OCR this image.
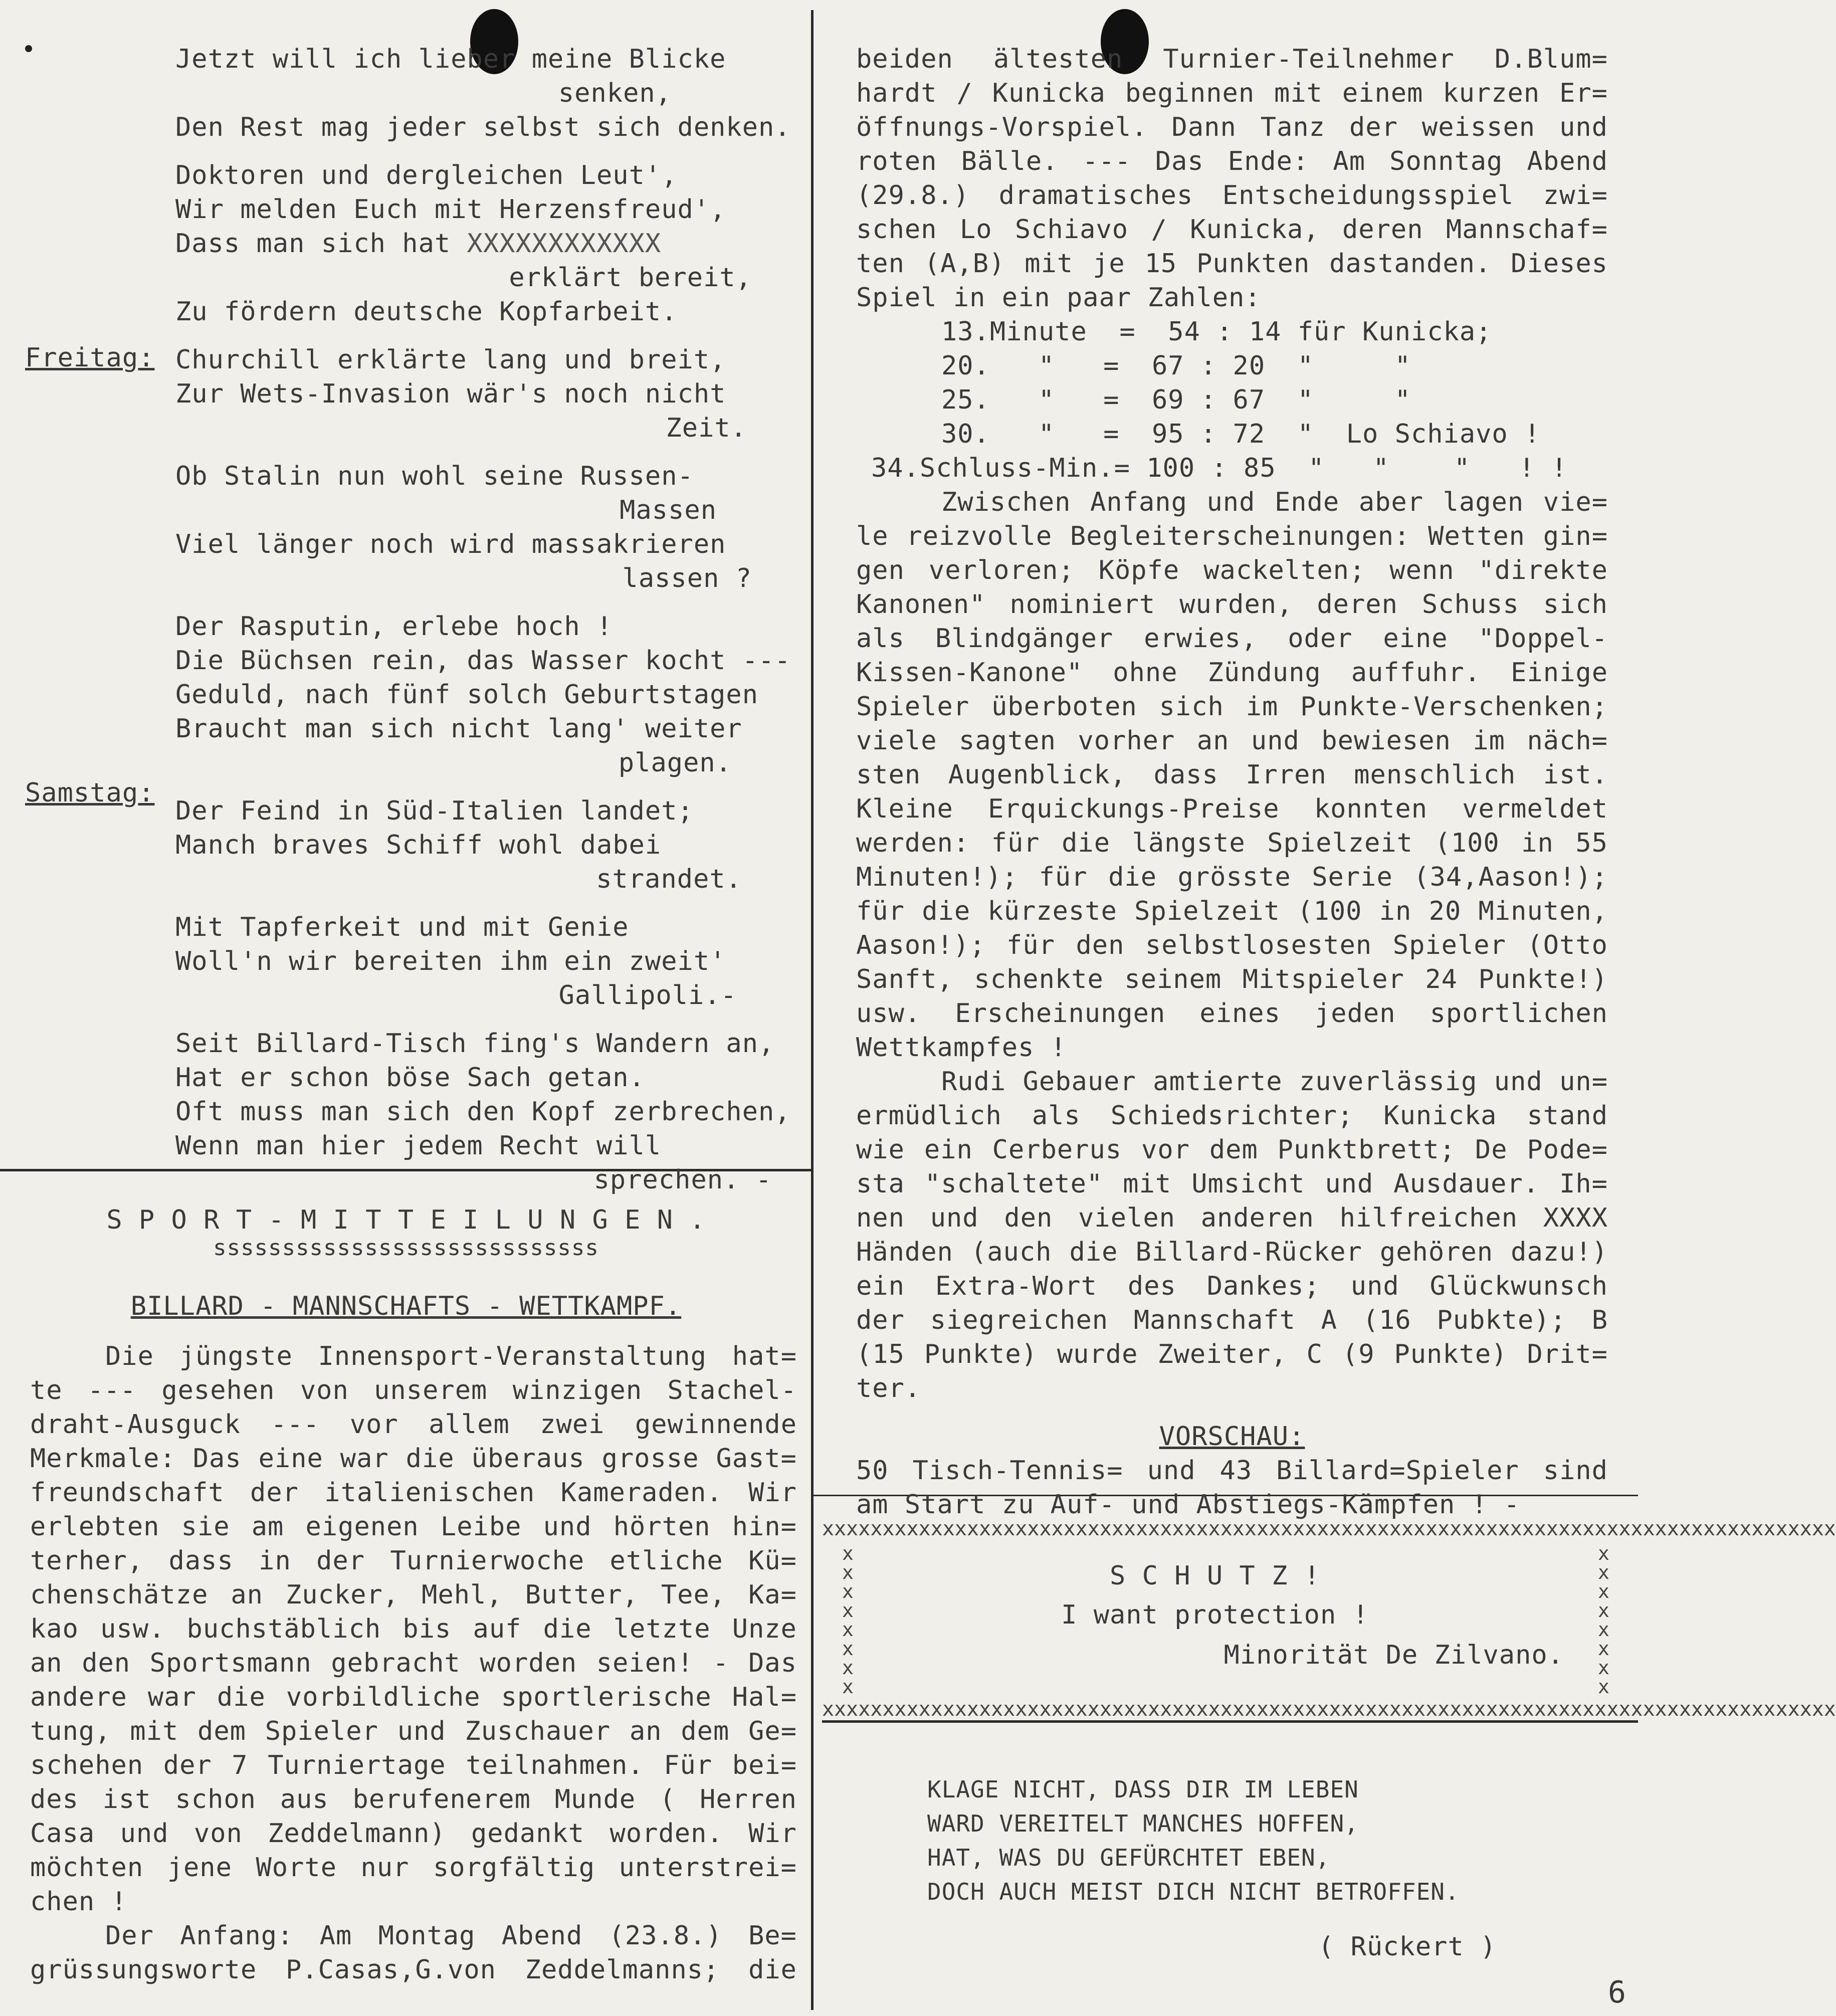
Jetzt will ich lieber meine Blicke
senken,
Den Rest mag jeder selbst sich denken.
Doktoren und dergleichen Leut',
Wir melden Euch mit Herzensfreud',
Dass man sich hat XXXXXXXXXXXX
erklärt bereit,
Zu fördern deutsche Kopfarbeit.
Churchill erklärte lang und breit,
Zur Wets-Invasion wär's noch nicht
Zeit.
Ob Stalin nun wohl seine Russen-
Massen
Viel länger noch wird massakrieren
lassen ?
Der Rasputin, erlebe hoch !
Die Büchsen rein, das Wasser kocht ---
Geduld, nach fünf solch Geburtstagen
Braucht man sich nicht lang' weiter
plagen.
Der Feind in Süd-Italien landet;
Manch braves Schiff wohl dabei
strandet.
Mit Tapferkeit und mit Genie
Woll'n wir bereiten ihm ein zweit'
Gallipoli.-
Seit Billard-Tisch fing's Wandern an,
Hat er schon böse Sach getan.
Oft muss man sich den Kopf zerbrechen,
Wenn man hier jedem Recht will
sprechen. -
Freitag:
Samstag:
S P O R T - M I T T E I L U N G E N .
ssssssssssssssssssssssssssss
BILLARD - MANNSCHAFTS - WETTKAMPF.
Die jüngste Innensport-Veranstaltung hat=
te --- gesehen von unserem winzigen Stachel-
draht-Ausguck --- vor allem zwei gewinnende
Merkmale: Das eine war die überaus grosse Gast=
freundschaft der italienischen Kameraden. Wir
erlebten sie am eigenen Leibe und hörten hin=
terher, dass in der Turnierwoche etliche Kü=
chenschätze an Zucker, Mehl, Butter, Tee, Ka=
kao usw. buchstäblich bis auf die letzte Unze
an den Sportsmann gebracht worden seien! - Das
andere war die vorbildliche sportlerische Hal=
tung, mit dem Spieler und Zuschauer an dem Ge=
schehen der 7 Turniertage teilnahmen. Für bei=
des ist schon aus berufenerem Munde ( Herren
Casa und von Zeddelmann) gedankt worden. Wir
möchten jene Worte nur sorgfältig unterstrei=
chen !
Der Anfang: Am Montag Abend (23.8.) Be=
grüssungsworte P.Casas,G.von Zeddelmanns; die
beiden ältesten Turnier-Teilnehmer D.Blum=
hardt / Kunicka beginnen mit einem kurzen Er=
öffnungs-Vorspiel. Dann Tanz der weissen und
roten Bälle. --- Das Ende: Am Sonntag Abend
(29.8.) dramatisches Entscheidungsspiel zwi=
schen Lo Schiavo / Kunicka, deren Mannschaf=
ten (A,B) mit je 15 Punkten dastanden. Dieses
Spiel in ein paar Zahlen:
13.Minute  =  54 : 14 für Kunicka;
20.   "   =  67 : 20  "     "
25.   "   =  69 : 67  "     "
30.   "   =  95 : 72  "  Lo Schiavo !
34.Schluss-Min.= 100 : 85  "   "    "   ! !
Zwischen Anfang und Ende aber lagen vie=
le reizvolle Begleiterscheinungen: Wetten gin=
gen verloren; Köpfe wackelten; wenn "direkte
Kanonen" nominiert wurden, deren Schuss sich
als Blindgänger erwies, oder eine "Doppel-
Kissen-Kanone" ohne Zündung auffuhr. Einige
Spieler überboten sich im Punkte-Verschenken;
viele sagten vorher an und bewiesen im näch=
sten Augenblick, dass Irren menschlich ist.
Kleine Erquickungs-Preise konnten vermeldet
werden: für die längste Spielzeit (100 in 55
Minuten!); für die grösste Serie (34,Aason!);
für die kürzeste Spielzeit (100 in 20 Minuten,
Aason!); für den selbstlosesten Spieler (Otto
Sanft, schenkte seinem Mitspieler 24 Punkte!)
usw. Erscheinungen eines jeden sportlichen
Wettkampfes !
Rudi Gebauer amtierte zuverlässig und un=
ermüdlich als Schiedsrichter; Kunicka stand
wie ein Cerberus vor dem Punktbrett; De Pode=
sta "schaltete" mit Umsicht und Ausdauer. Ih=
nen und den vielen anderen hilfreichen XXXX
Händen (auch die Billard-Rücker gehören dazu!)
ein Extra-Wort des Dankes; und Glückwunsch
der siegreichen Mannschaft A (16 Pubkte); B
(15 Punkte) wurde Zweiter, C (9 Punkte) Drit=
ter.
VORSCHAU:
50 Tisch-Tennis= und 43 Billard=Spieler sind
am Start zu Auf- und Abstiegs-Kämpfen ! -
xxxxxxxxxxxxxxxxxxxxxxxxxxxxxxxxxxxxxxxxxxxxxxxxxxxxxxxxxxxxxxxxxxxxxxxxxxxxxxxxxxxx
x
x
x
x
x
x
x
x
x
x
x
x
x
x
x
x
S C H U T Z !
I want protection !
Minorität De Zilvano.
xxxxxxxxxxxxxxxxxxxxxxxxxxxxxxxxxxxxxxxxxxxxxxxxxxxxxxxxxxxxxxxxxxxxxxxxxxxxxxxxxxxx
KLAGE NICHT, DASS DIR IM LEBEN
WARD VEREITELT MANCHES HOFFEN,
HAT, WAS DU GEFÜRCHTET EBEN,
DOCH AUCH MEIST DICH NICHT BETROFFEN.
( Rückert )
6
